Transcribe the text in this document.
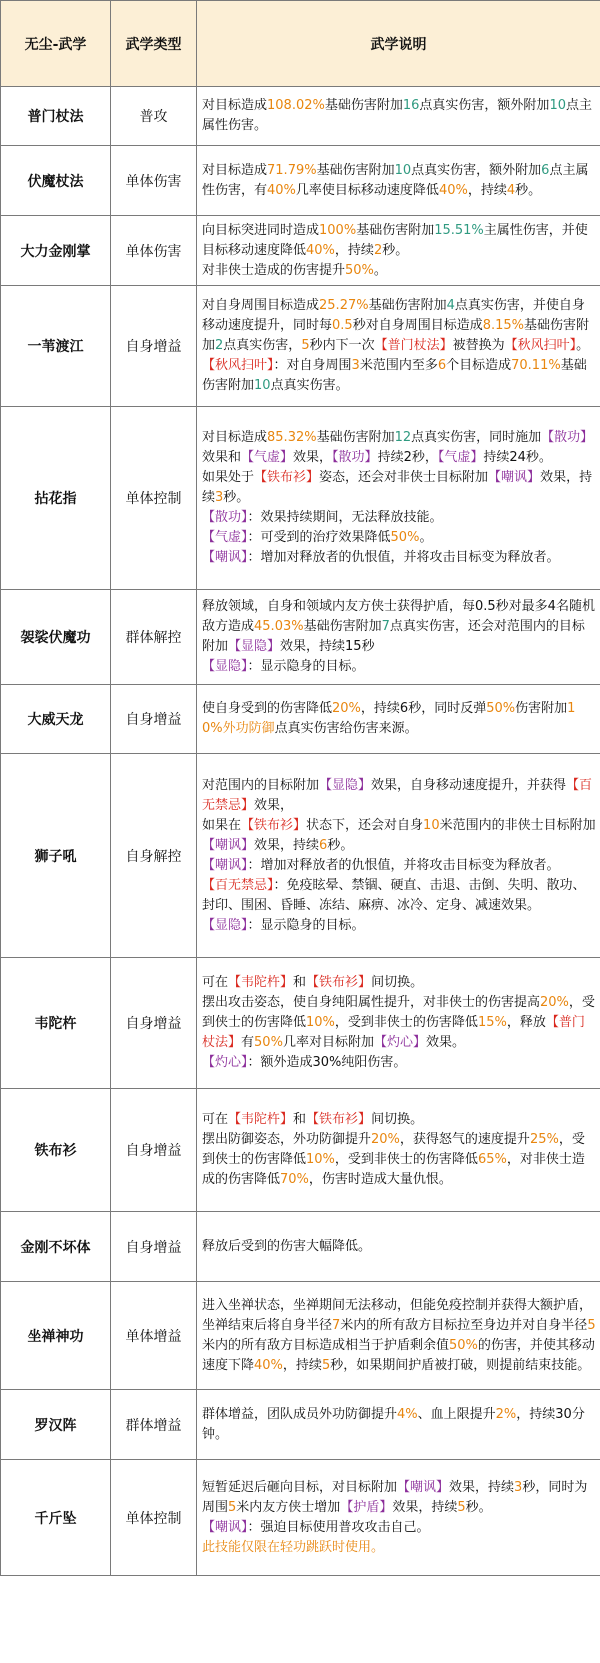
无尘-武学	武学类型	武学说明
普门杖法	普攻	对目标造成108.02%基础伤害附加16点真实伤害，额外附加10点主属性伤害。

伏魔杖法	单体伤害	对目标造成71.79%基础伤害附加10点真实伤害，额外附加6点主属性伤害，有40%几率使目标移动速度降低40%，持续4秒。

大力金刚掌	单体伤害	向目标突进同时造成100%基础伤害附加15.51%主属性伤害，并使目标移动速度降低40%，持续2秒。
对非侠士造成的伤害提升50%。

一苇渡江	自身增益	对自身周围目标造成25.27%基础伤害附加4点真实伤害，并使自身移动速度提升，同时每0.5秒对自身周围目标造成8.15%基础伤害附加2点真实伤害，5秒内下一次【普门杖法】被替换为【秋风扫叶】。
【秋风扫叶】：对自身周围3米范围内至多6个目标造成70.11%基础伤害附加10点真实伤害。

拈花指	单体控制	对目标造成85.32%基础伤害附加12点真实伤害，同时施加【散功】效果和【气虚】效果，【散功】持续2秒，【气虚】持续24秒。
如果处于【铁布衫】姿态，还会对非侠士目标附加【嘲讽】效果，持续3秒。
【散功】：效果持续期间，无法释放技能。
【气虚】：可受到的治疗效果降低50%。
【嘲讽】：增加对释放者的仇恨值，并将攻击目标变为释放者。

袈裟伏魔功	群体解控	释放领域，自身和领域内友方侠士获得护盾，每0.5秒对最多4名随机敌方造成45.03%基础伤害附加7点真实伤害，还会对范围内的目标附加【显隐】效果，持续15秒
【显隐】：显示隐身的目标。

大威天龙	自身增益	使自身受到的伤害降低20%，持续6秒，同时反弹50%伤害附加10%外功防御点真实伤害给伤害来源。

狮子吼	自身解控	对范围内的目标附加【显隐】效果，自身移动速度提升，并获得【百无禁忌】效果，
如果在【铁布衫】状态下，还会对自身10米范围内的非侠士目标附加【嘲讽】效果，持续6秒。
【嘲讽】：增加对释放者的仇恨值，并将攻击目标变为释放者。
【百无禁忌】：免疫眩晕、禁锢、硬直、击退、击倒、失明、散功、封印、围困、昏睡、冻结、麻痹、冰冷、定身、减速效果。
【显隐】：显示隐身的目标。

韦陀杵	自身增益	可在【韦陀杵】和【铁布衫】间切换。
摆出攻击姿态，使自身纯阳属性提升，对非侠士的伤害提高20%，受到侠士的伤害降低10%，受到非侠士的伤害降低15%，释放【普门杖法】有50%几率对目标附加【灼心】效果。
【灼心】：额外造成30%纯阳伤害。

铁布衫	自身增益	可在【韦陀杵】和【铁布衫】间切换。
摆出防御姿态，外功防御提升20%，获得怒气的速度提升25%，受到侠士的伤害降低10%，受到非侠士的伤害降低65%，对非侠士造成的伤害降低70%，伤害时造成大量仇恨。

金刚不坏体	自身增益	释放后受到的伤害大幅降低。

坐禅神功	单体增益	进入坐禅状态，坐禅期间无法移动，但能免疫控制并获得大额护盾，坐禅结束后将自身半径7米内的所有敌方目标拉至身边并对自身半径5米内的所有敌方目标造成相当于护盾剩余值50%的伤害，并使其移动速度下降40%，持续5秒，如果期间护盾被打破，则提前结束技能。

罗汉阵	群体增益	群体增益，团队成员外功防御提升4%、血上限提升2%，持续30分钟。

千斤坠	单体控制	短暂延迟后砸向目标，对目标附加【嘲讽】效果，持续3秒，同时为周围5米内友方侠士增加【护盾】效果，持续5秒。
【嘲讽】：强迫目标使用普攻攻击自己。
此技能仅限在轻功跳跃时使用。
